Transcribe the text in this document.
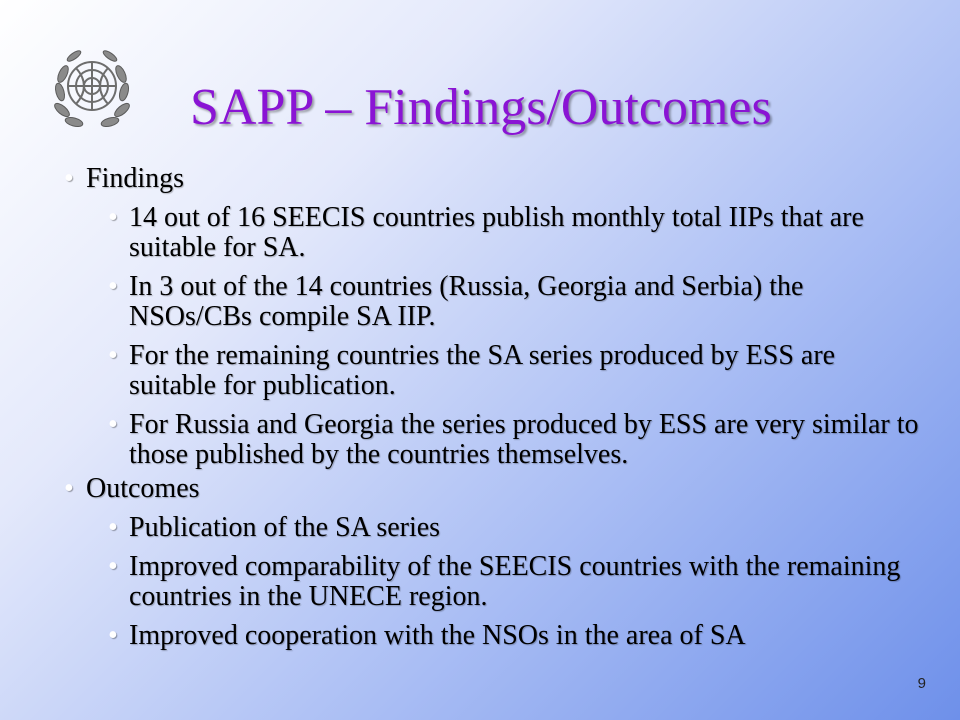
SAPP – Findings/Outcomes
• Findings
• 14 out of 16 SEECIS countries publish monthly total IIPs that are suitable for SA.
• In 3 out of the 14 countries (Russia, Georgia and Serbia) the NSOs/CBs compile SA IIP.
• For the remaining countries the SA series produced by ESS are suitable for publication.
• For Russia and Georgia the series produced by ESS are very similar to those published by the countries themselves.
• Outcomes
• Publication of the SA series
• Improved comparability of the SEECIS countries with the remaining countries in the UNECE region.
• Improved cooperation with the NSOs in the area of SA
9
